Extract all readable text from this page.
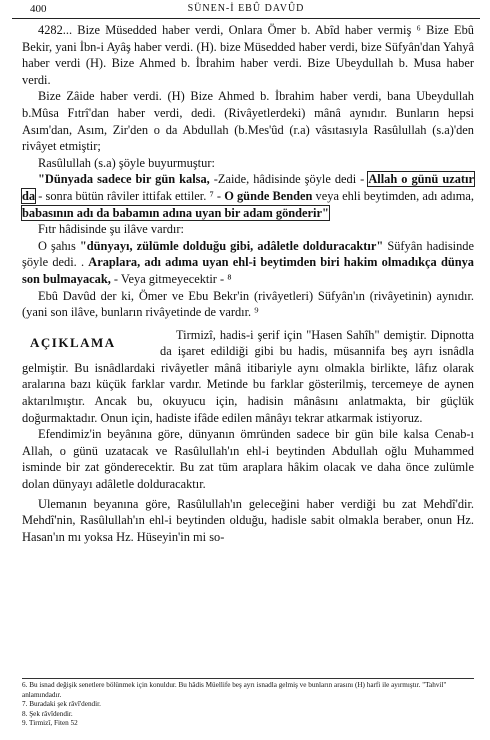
400	SÜNEN-İ EBÛ DAVÛD

4282... Bize Müsedded haber verdi, Onlara Ömer b. Abîd haber vermiş ⁶ Bize Ebû Bekir, yani İbn-i Ayâş haber verdi. (H). bize Müsedded haber verdi, bize Süfyân'dan Yahyâ haber verdi (H). Bize Ahmed b. İbrahim haber verdi. Bize Ubeydullah b. Musa haber verdi.

Bize Zâide haber verdi. (H) Bize Ahmed b. İbrahim haber verdi, bana Ubeydullah b.Mûsa Fıtrî'dan haber verdi, dedi. (Rivâyetlerdeki) mânâ aynıdır. Bunların hepsi Asım'dan, Asım, Zir'den o da Abdullah (b.Mes'ûd (r.a) vâsıtasıyla Rasûlullah (s.a)'den rivâyet etmiştir;

Rasûlullah (s.a) şöyle buyurmuştur:

"Dünyada sadece bir gün kalsa, -Zaide, hâdisinde şöyle dedi - Allah o günü uzatır da - sonra bütün râviler ittifak ettiler. ⁷ - O günde Benden veya ehli beytimden, adı adıma, babasının adı da babamın adına uyan bir adam gönderir"

Fıtr hâdisinde şu ilâve vardır:

O şahıs "dünyayı, zülümle dolduğu gibi, adâletle dolduracaktır" Süfyân hadisinde şöyle dedi. . Araplara, adı adıma uyan ehl-i beytimden biri hakim olmadıkça dünya son bulmayacak, - Veya gitmeyecektir - ⁸

Ebû Davûd der ki, Ömer ve Ebu Bekr'in (rivâyetleri) Süfyân'ın (rivâyetinin) aynıdır. (yani son ilâve, bunların rivâyetinde de vardır. ⁹

AÇIKLAMA	Tirmizî, hadis-i şerif için "Hasen Sahîh" demiştir. Dipnotta da işaret edildiği gibi bu hadis, müsannifa beş ayrı isnâdla gelmiştir. Bu isnâdlardaki rivâyetler mânâ itibariyle aynı olmakla birlikte, lâfız olarak aralarına bazı küçük farklar vardır. Metinde bu farklar gösterilmiş, tercemeye de aynen aktarılmıştır. Ancak bu, okuyucu için, hadisin mânâsını anlatmakta, bir güçlük doğurmaktadır. Onun için, hadiste ifâde edilen mânâyı tekrar atkarmak istiyoruz.

Efendimiz'in beyânına göre, dünyanın ömründen sadece bir gün bile kalsa Cenab-ı Allah, o günü uzatacak ve Rasûlullah'ın ehl-i beytinden Abdullah oğlu Muhammed isminde bir zat gönderecektir. Bu zat tüm araplara hâkim olacak ve daha önce zulümle dolan dünyayı adâletle dolduracaktır.

Ulemanın beyanına göre, Rasûlullah'ın geleceğini haber verdiği bu zat Mehdî'dir. Mehdî'nin, Rasûlullah'ın ehl-i beytinden olduğu, hadisle sabit olmakla beraber, onun Hz. Hasan'ın mı yoksa Hz. Hüseyin'in mi so-

6. Bu isnad değişik senetlere bölünmek için konuldur. Bu hâdis Müellife beş ayrı isnadla gelmiş ve bunların arasını (H) harfi ile ayırmıştır. "Tahvil" anlamındadır.

7. Buradaki şek râvî'dendir.

8. Şek râvîdendir.

9. Tirmizî, Fiten 52
